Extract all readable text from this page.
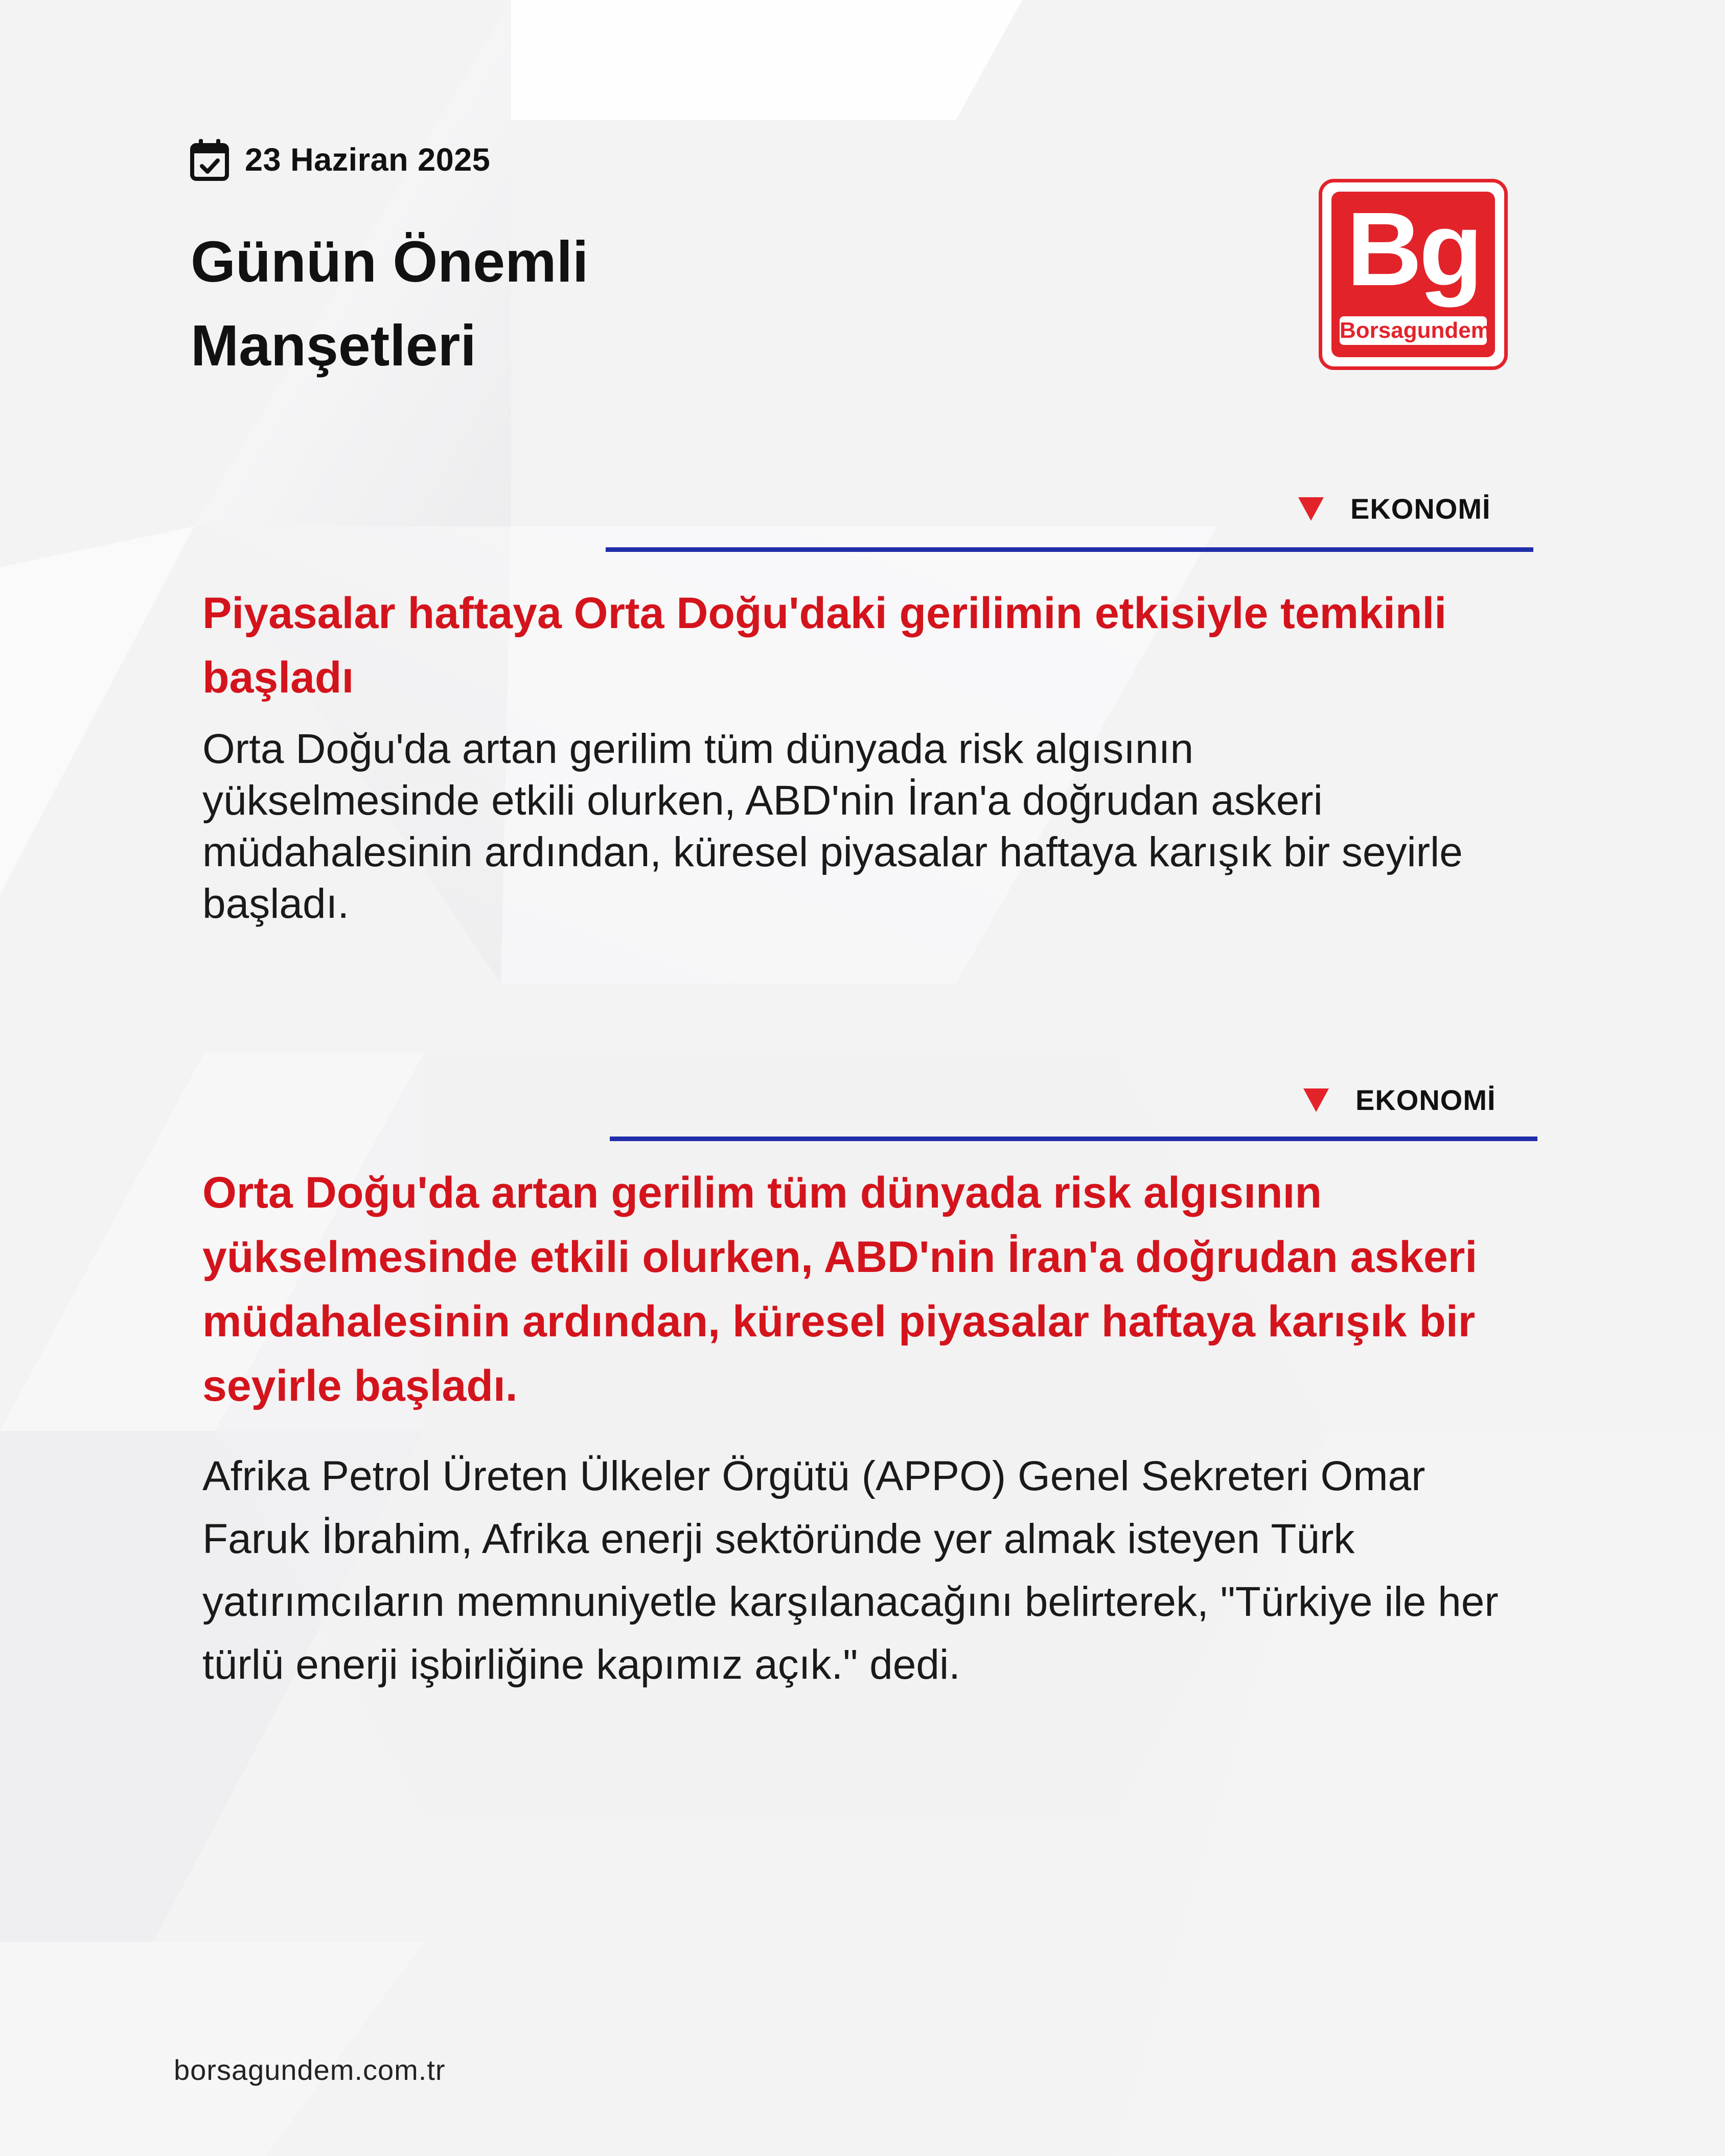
23 Haziran 2025
Günün Önemli Manşetleri
Bg
Borsagundem
EKONOMİ
Piyasalar haftaya Orta Doğu'daki gerilimin etkisiyle temkinli başladı
Orta Doğu'da artan gerilim tüm dünyada risk algısının yükselmesinde etkili olurken, ABD'nin İran'a doğrudan askeri müdahalesinin ardından, küresel piyasalar haftaya karışık bir seyirle başladı.
EKONOMİ
Orta Doğu'da artan gerilim tüm dünyada risk algısının yükselmesinde etkili olurken, ABD'nin İran'a doğrudan askeri müdahalesinin ardından, küresel piyasalar haftaya karışık bir seyirle başladı.
Afrika Petrol Üreten Ülkeler Örgütü (APPO) Genel Sekreteri Omar Faruk İbrahim, Afrika enerji sektöründe yer almak isteyen Türk yatırımcıların memnuniyetle karşılanacağını belirterek, "Türkiye ile her türlü enerji işbirliğine kapımız açık." dedi.
borsagundem.com.tr
